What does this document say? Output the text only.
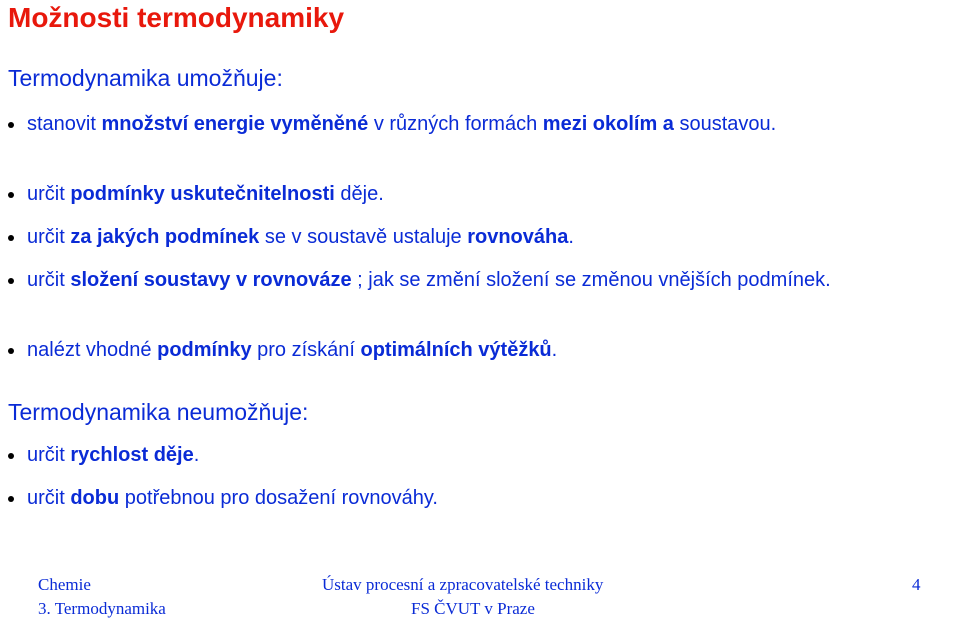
Možnosti termodynamiky
Termodynamika umožňuje:
stanovit množství energie vyměněné v různých formách mezi okolím a soustavou.
určit podmínky uskutečnitelnosti děje.
určit za jakých podmínek se v soustavě ustaluje rovnováha.
určit složení soustavy v rovnováze ; jak se změní složení se změnou vnějších podmínek.
nalézt vhodné podmínky pro získání optimálních výtěžků.
Termodynamika neumožňuje:
určit rychlost děje.
určit dobu potřebnou pro dosažení rovnováhy.
Chemie
3. Termodynamika
Ústav procesní a zpracovatelské techniky
FS ČVUT v Praze
4
